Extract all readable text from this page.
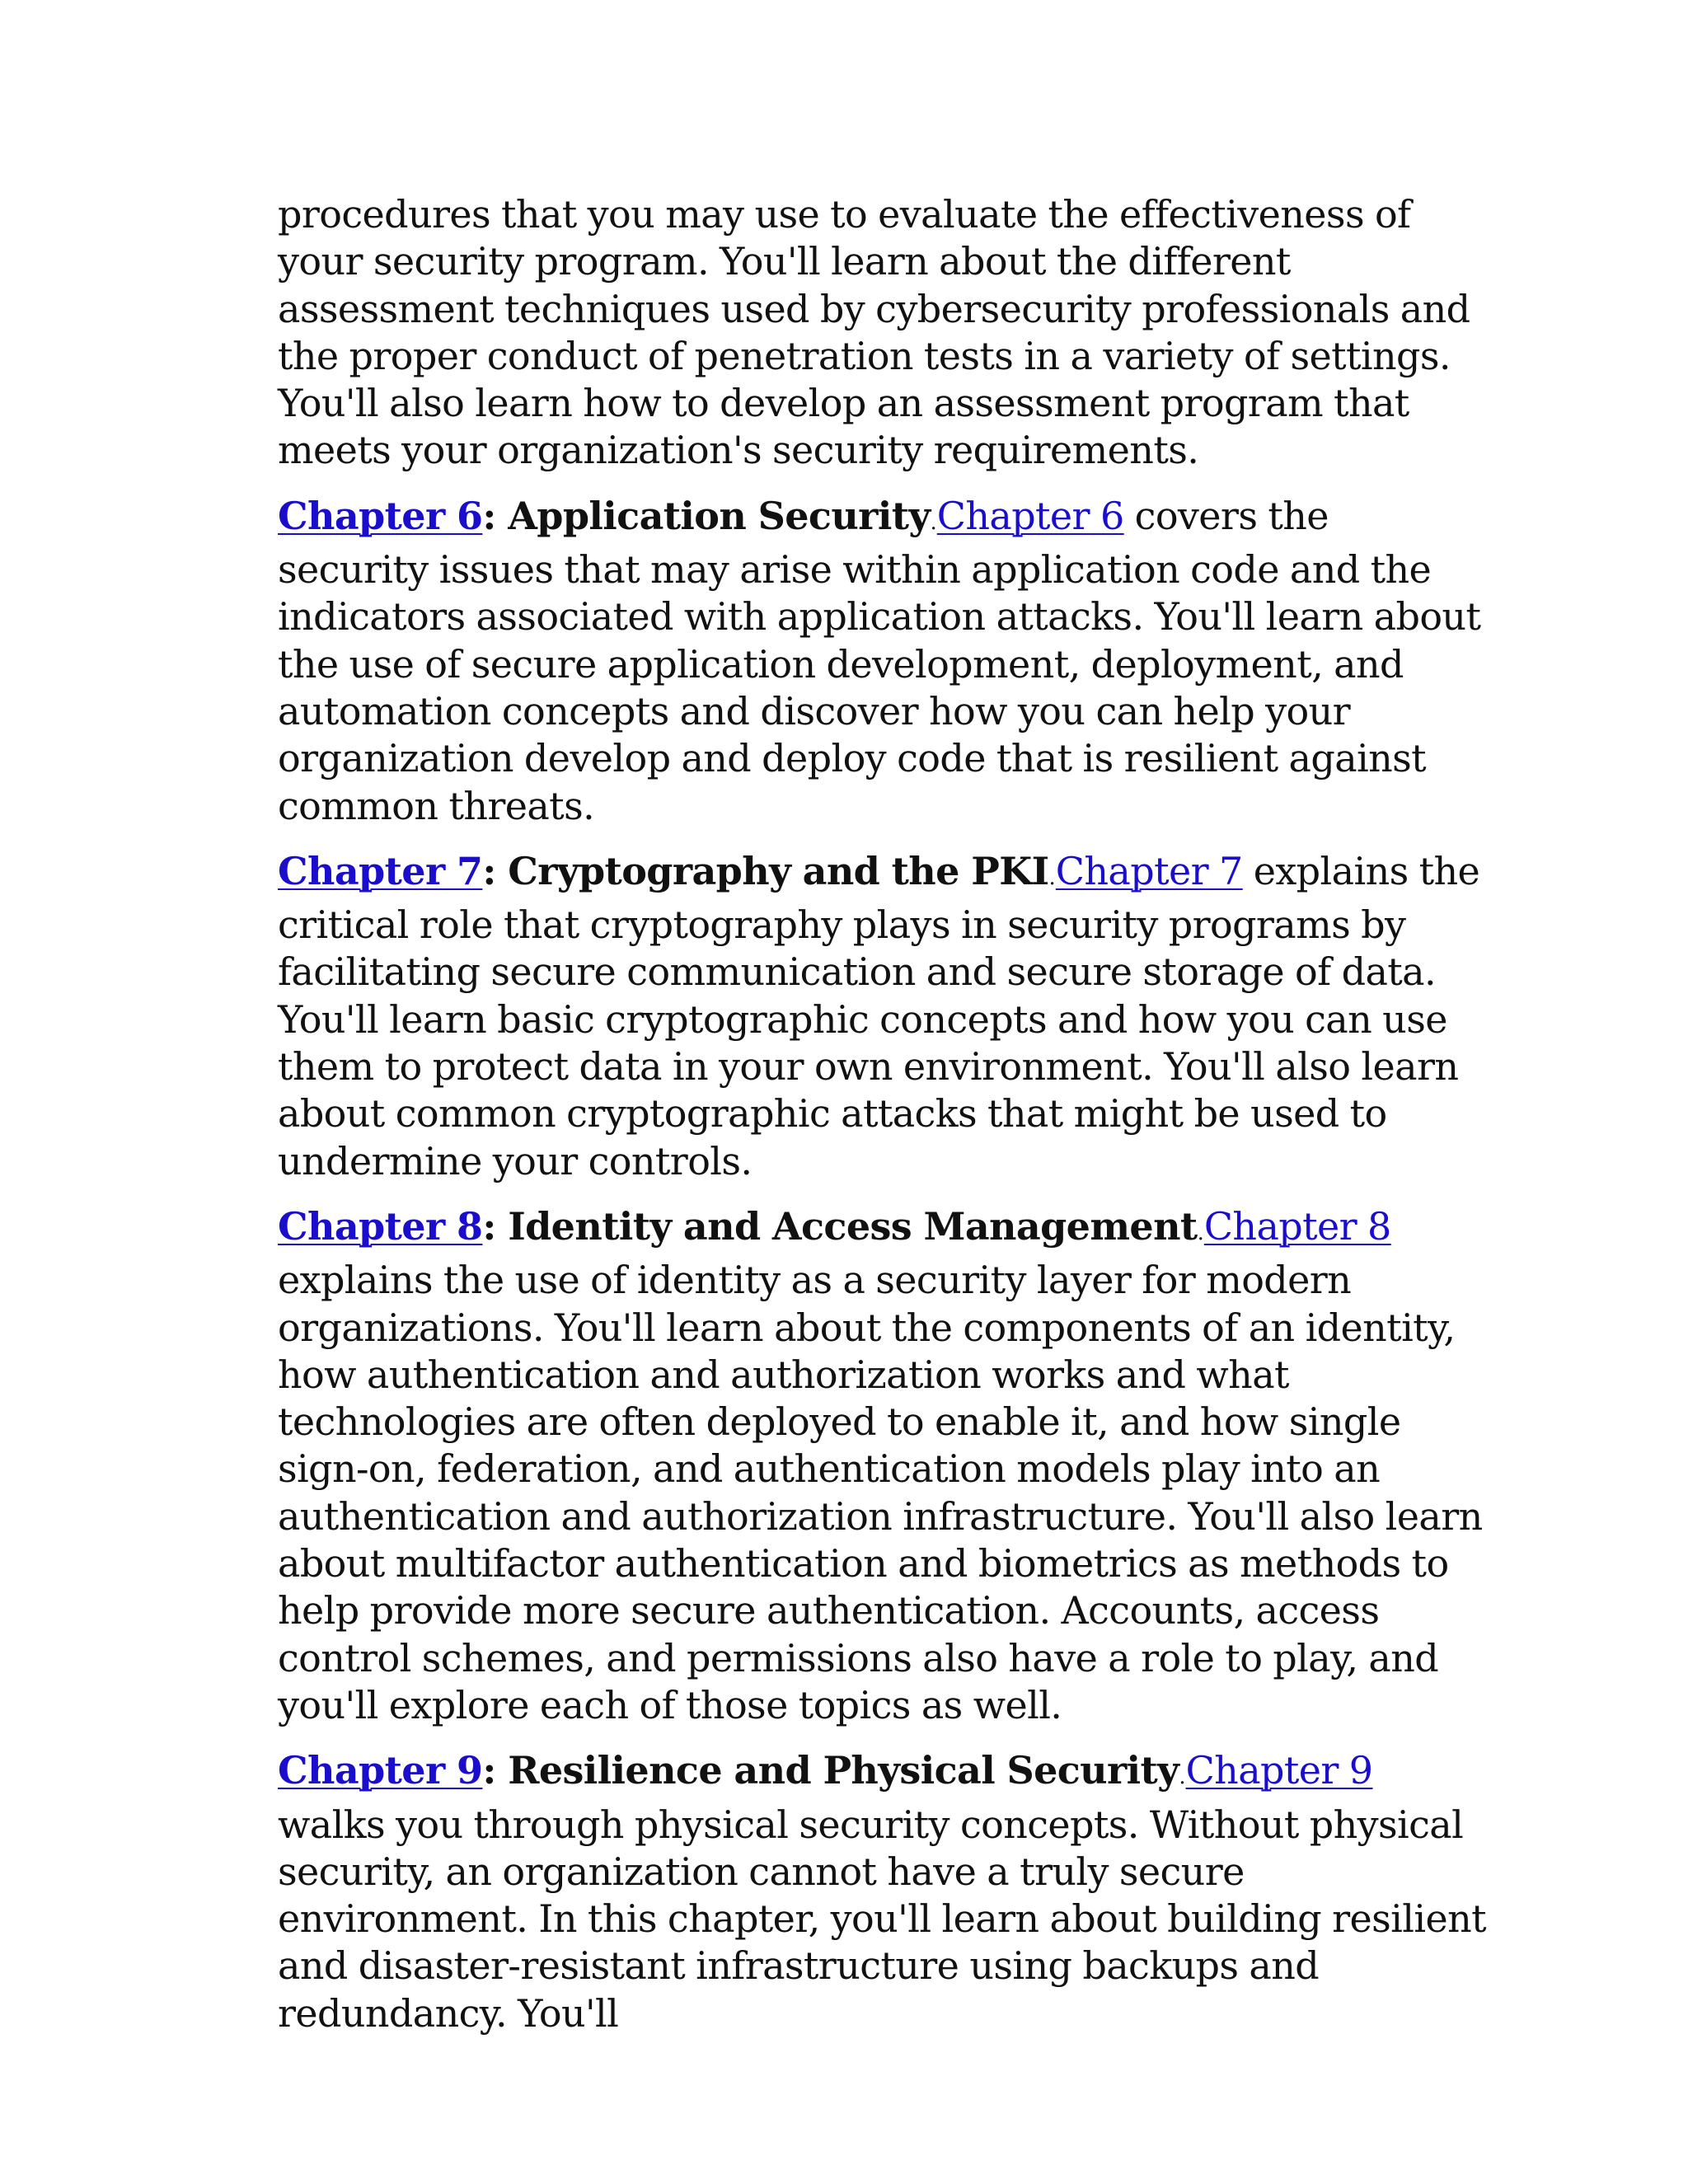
procedures that you may use to evaluate the effectiveness of your security program. You'll learn about the different assessment techniques used by cybersecurity professionals and the proper conduct of penetration tests in a variety of settings. You'll also learn how to develop an assessment program that meets your organization's security requirements.

Chapter 6: Application Security.Chapter 6 covers the security issues that may arise within application code and the indicators associated with application attacks. You'll learn about the use of secure application development, deployment, and automation concepts and discover how you can help your organization develop and deploy code that is resilient against common threats.

Chapter 7: Cryptography and the PKI.Chapter 7 explains the critical role that cryptography plays in security programs by facilitating secure communication and secure storage of data. You'll learn basic cryptographic concepts and how you can use them to protect data in your own environment. You'll also learn about common cryptographic attacks that might be used to undermine your controls.

Chapter 8: Identity and Access Management.Chapter 8 explains the use of identity as a security layer for modern organizations. You'll learn about the components of an identity, how authentication and authorization works and what technologies are often deployed to enable it, and how single sign-on, federation, and authentication models play into an authentication and authorization infrastructure. You'll also learn about multifactor authentication and biometrics as methods to help provide more secure authentication. Accounts, access control schemes, and permissions also have a role to play, and you'll explore each of those topics as well.

Chapter 9: Resilience and Physical Security.Chapter 9 walks you through physical security concepts. Without physical security, an organization cannot have a truly secure environment. In this chapter, you'll learn about building resilient and disaster-resistant infrastructure using backups and redundancy. You'll
